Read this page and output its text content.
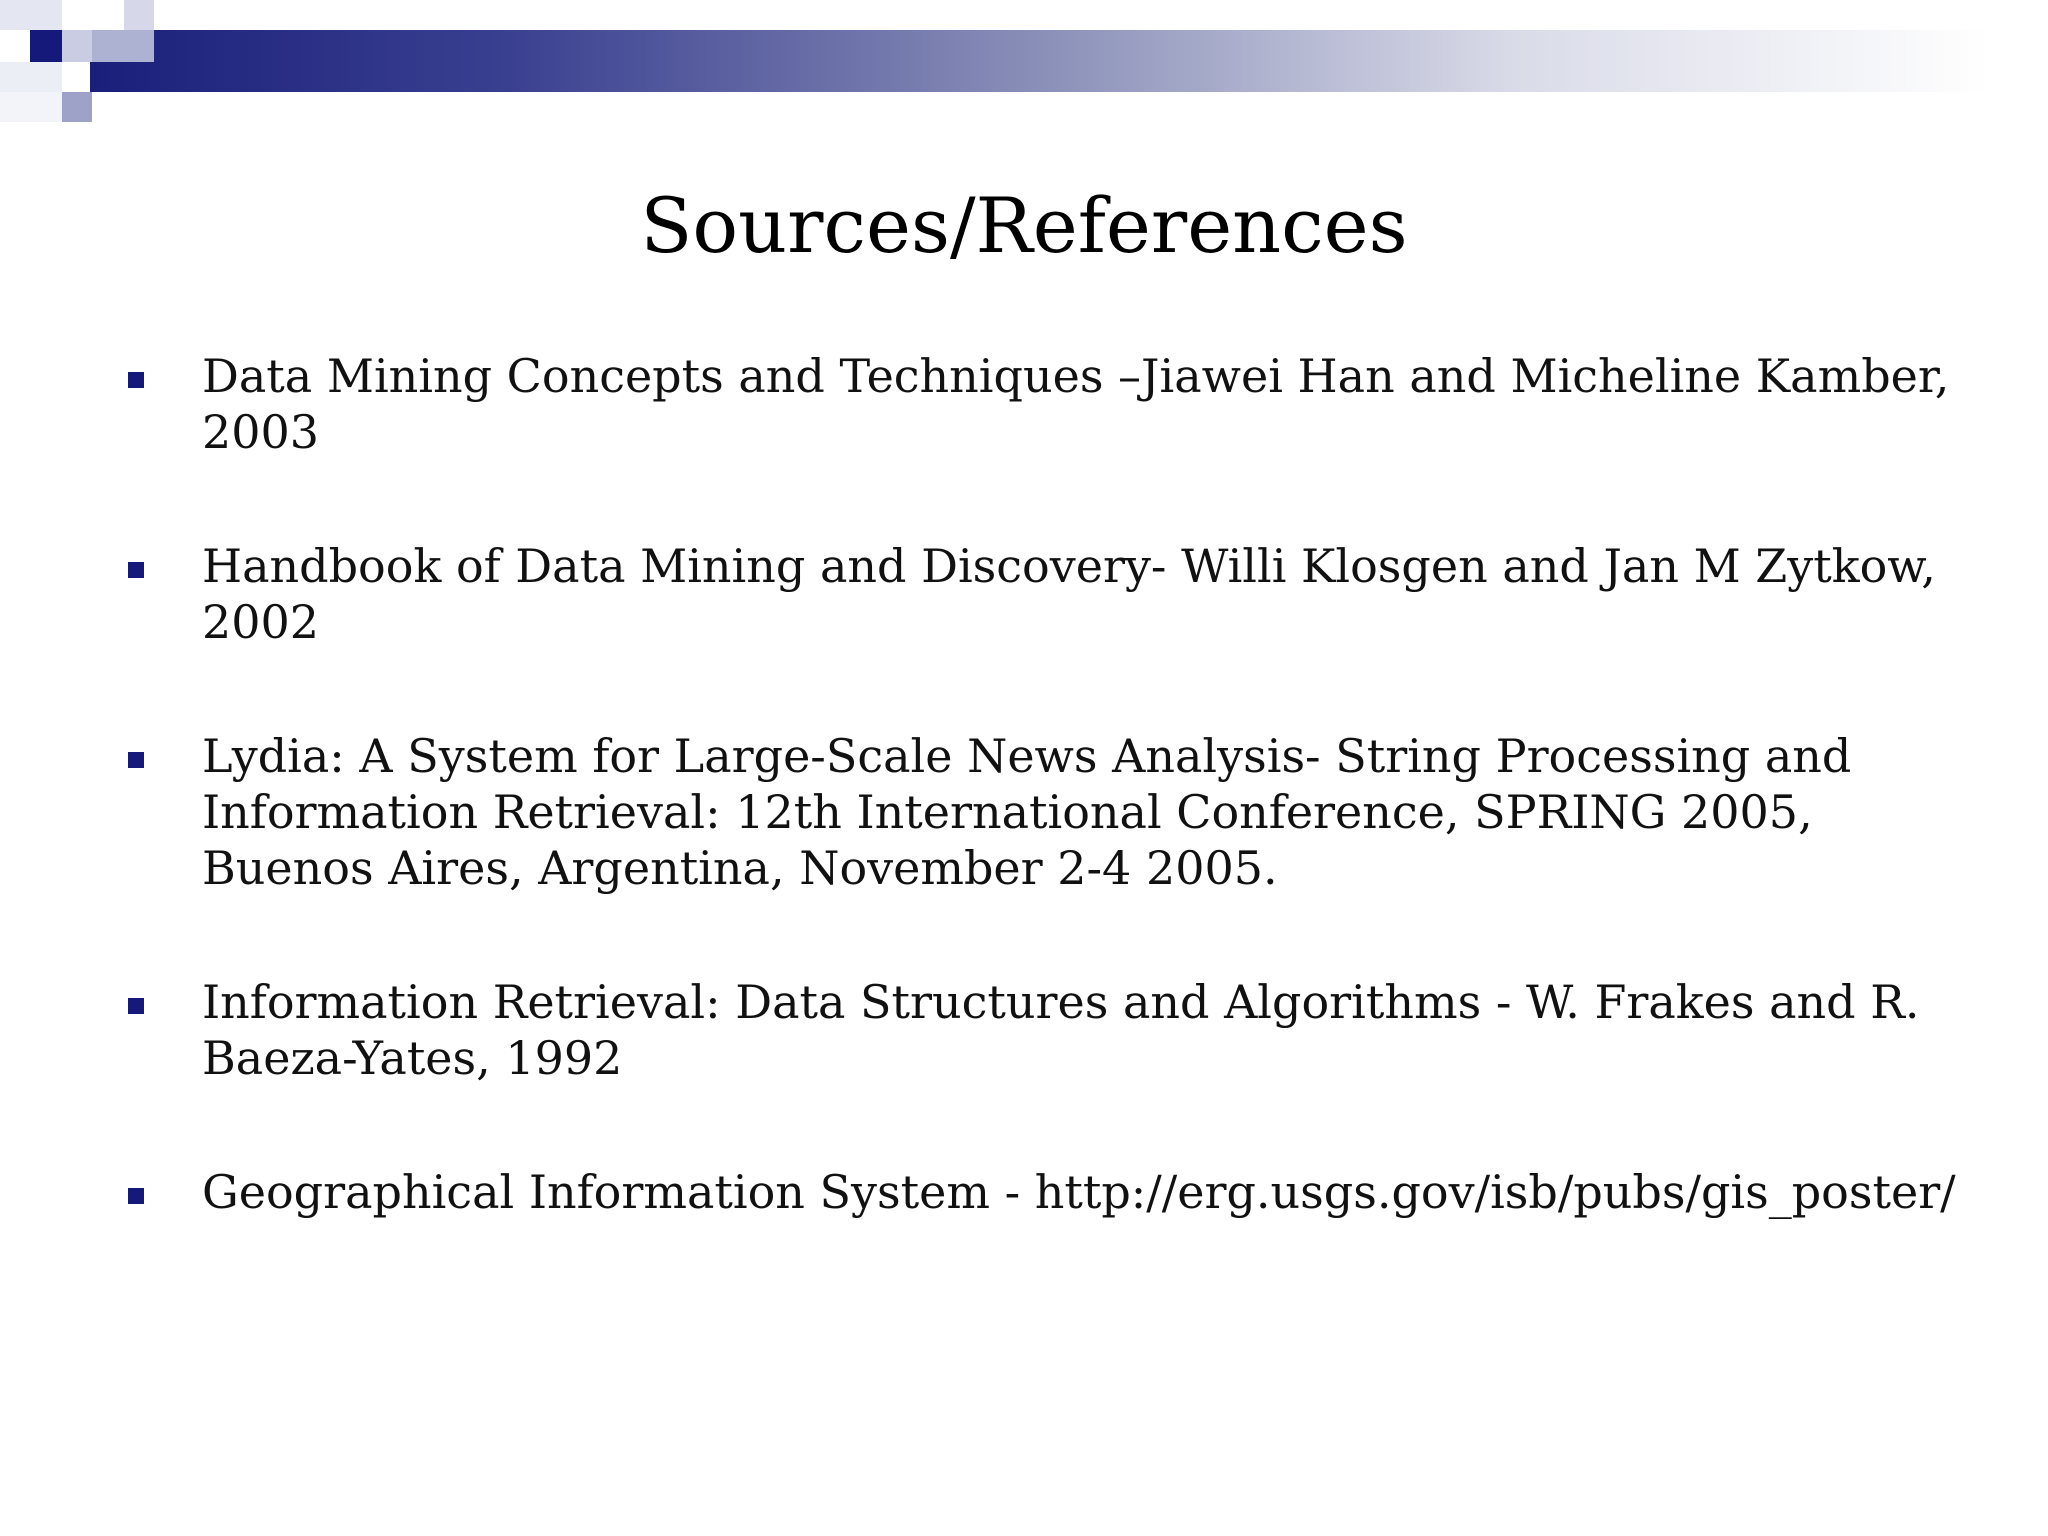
Sources/References
Data Mining Concepts and Techniques –Jiawei Han and Micheline Kamber, 2003
Handbook of Data Mining and Discovery- Willi Klosgen and Jan M Zytkow, 2002
Lydia: A System for Large-Scale News Analysis- String Processing and Information Retrieval: 12th International Conference, SPRING 2005, Buenos Aires, Argentina, November 2-4 2005.
Information Retrieval: Data Structures and Algorithms - W. Frakes and R. Baeza-Yates, 1992
Geographical Information System - http://erg.usgs.gov/isb/pubs/gis_poster/
